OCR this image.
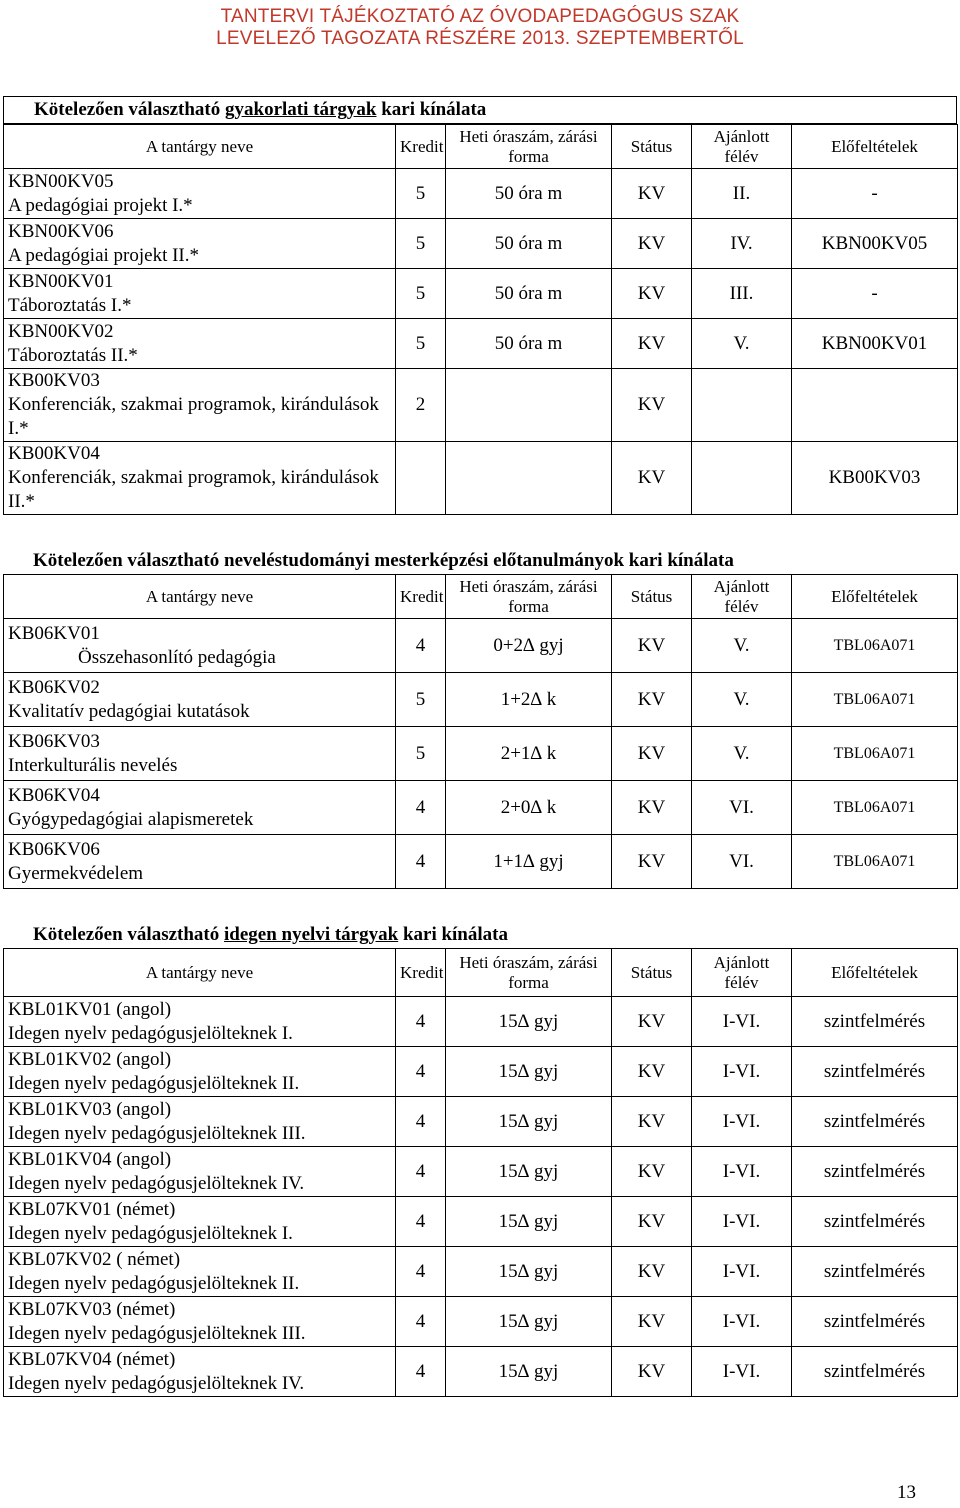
TANTERVI TÁJÉKOZTATÓ AZ ÓVODAPEDAGÓGUS SZAK
LEVELEZŐ TAGOZATA RÉSZÉRE 2013. SZEPTEMBERTŐL
Kötelezően választható gyakorlati tárgyak kari kínálata
A tantárgy neve	Kredit	Heti óraszám, zárási forma	Státus	Ajánlott félév	Előfeltételek

KBN00KV05
A pedagógiai projekt I.*	5	50 óra m	KV	II.	-

KBN00KV06
A pedagógiai projekt II.*	5	50 óra m	KV	IV.	KBN00KV05

KBN00KV01
Táboroztatás I.*	5	50 óra m	KV	III.	-

KBN00KV02
Táboroztatás II.*	5	50 óra m	KV	V.	KBN00KV01

KB00KV03
Konferenciák, szakmai programok, kirándulások I.*	2		KV		

KB00KV04
Konferenciák, szakmai programok, kirándulások II.*			KV		KB00KV03
Kötelezően választható neveléstudományi mesterképzési előtanulmányok kari kínálata
A tantárgy neve	Kredit	Heti óraszám, zárási forma	Státus	Ajánlott félév	Előfeltételek

KB06KV01
Összehasonlító pedagógia	4	0+2∆ gyj	KV	V.	TBL06A071

KB06KV02
Kvalitatív pedagógiai kutatások	5	1+2∆ k	KV	V.	TBL06A071

KB06KV03
Interkulturális nevelés	5	2+1∆ k	KV	V.	TBL06A071

KB06KV04
Gyógypedagógiai alapismeretek	4	2+0∆ k	KV	VI.	TBL06A071

KB06KV06
Gyermekvédelem	4	1+1∆ gyj	KV	VI.	TBL06A071
Kötelezően választható idegen nyelvi tárgyak kari kínálata
A tantárgy neve	Kredit	Heti óraszám, zárási forma	Státus	Ajánlott félév	Előfeltételek

KBL01KV01 (angol)
Idegen nyelv pedagógusjelölteknek I.	4	15∆ gyj	KV	I-VI.	szintfelmérés

KBL01KV02 (angol)
Idegen nyelv pedagógusjelölteknek II.	4	15∆ gyj	KV	I-VI.	szintfelmérés

KBL01KV03 (angol)
Idegen nyelv pedagógusjelölteknek III.	4	15∆ gyj	KV	I-VI.	szintfelmérés

KBL01KV04 (angol)
Idegen nyelv pedagógusjelölteknek IV.	4	15∆ gyj	KV	I-VI.	szintfelmérés

KBL07KV01 (német)
Idegen nyelv pedagógusjelölteknek I.	4	15∆ gyj	KV	I-VI.	szintfelmérés

KBL07KV02 ( német)
Idegen nyelv pedagógusjelölteknek II.	4	15∆ gyj	KV	I-VI.	szintfelmérés

KBL07KV03 (német)
Idegen nyelv pedagógusjelölteknek III.	4	15∆ gyj	KV	I-VI.	szintfelmérés

KBL07KV04 (német)
Idegen nyelv pedagógusjelölteknek IV.	4	15∆ gyj	KV	I-VI.	szintfelmérés
13
